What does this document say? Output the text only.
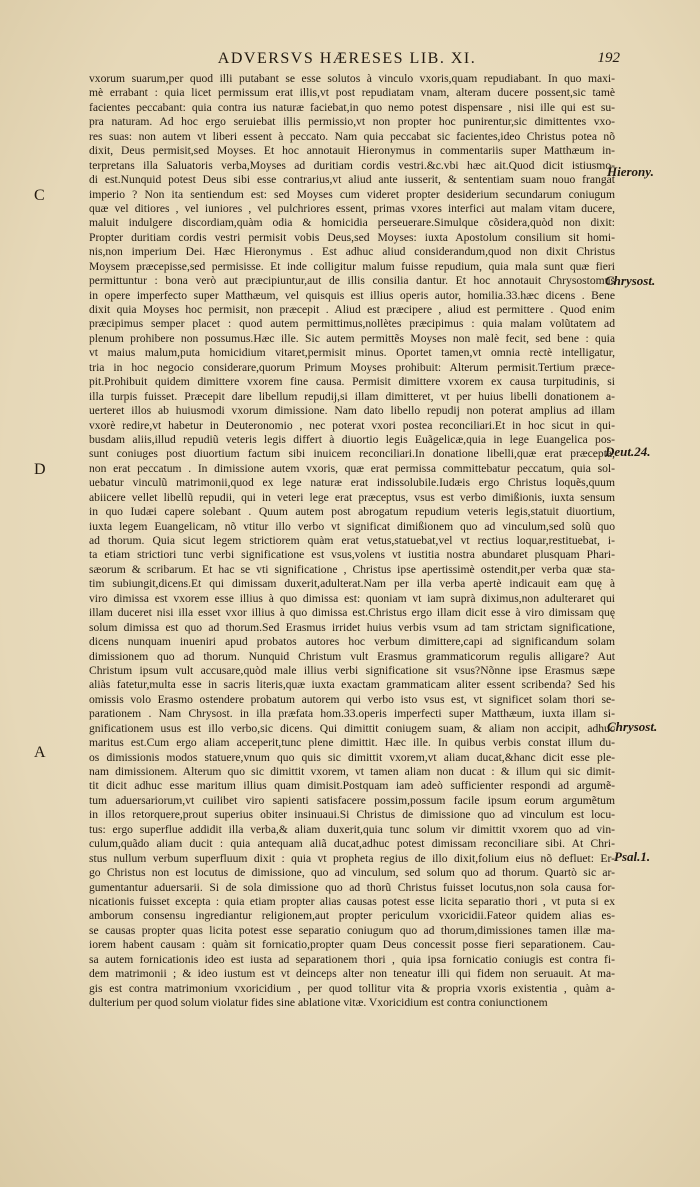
ADVERSVS HÆRESES LIB. XI.	192
vxorum suarum,per quod illi putabant se esse solutos à vinculo vxoris,quam repudiabant. In quo maxi-
mè errabant : quia licet permissum erat illis,vt post repudiatam vnam, alteram ducere possent,sic tamè
facientes peccabant: quia contra ius naturæ faciebat,in quo nemo potest dispensare , nisi ille qui est su-
pra naturam. Ad hoc ergo seruiebat illis permissio,vt non propter hoc punirentur,sic dimittentes vxo-
res suas: non autem vt liberi essent à peccato. Nam quia peccabat sic facientes,ideo Christus potea nõ
dixit, Deus permisit,sed Moyses. Et hoc annotauit Hieronymus in commentariis super Matthæum in-
terpretans illa Saluatoris verba,Moyses ad duritiam cordis vestri.&c.vbi hæc ait.Quod dicit istiusmo-
di est.Nunquid potest Deus sibi esse contrarius,vt aliud ante iusserit, & sententiam suam nouo frangat
imperio ? Non ita sentiendum est: sed Moyses cum videret propter desiderium secundarum coniugum
quæ vel ditiores , vel iuniores , vel pulchriores essent, primas vxores interfici aut malam vitam ducere,
maluit indulgere discordiam,quàm odia & homicidia perseuerare.Simulque cõsidera,quòd non dixit:
Propter duritiam cordis vestri permisit vobis Deus,sed Moyses: iuxta Apostolum consilium sit homi-
nis,non imperium Dei. Hæc Hieronymus . Est adhuc aliud considerandum,quod non dixit Christus
Moysem præcepisse,sed permisisse. Et inde colligitur malum fuisse repudium, quia mala sunt quæ fieri
permittuntur : bona verò aut præcipiuntur,aut de illis consilia dantur. Et hoc annotauit Chrysostomus
in opere imperfecto super Matthæum, vel quisquis est illius operis autor, homilia.33.hæc dicens . Bene
dixit quia Moyses hoc permisit, non præcepit . Aliud est præcipere , aliud est permittere . Quod enim
præcipimus semper placet : quod autem permittimus,nollètes præcipimus : quia malam volũtatem ad
plenum prohibere non possumus.Hæc ille. Sic autem permittẽs Moyses non malè fecit, sed bene : quia
vt maius malum,puta homicidium vitaret,permisit minus. Oportet tamen,vt omnia rectè intelligatur,
tria in hoc negocio considerare,quorum Primum Moyses prohibuit: Alterum permisit.Tertium præce-
pit.Prohibuit quidem dimittere vxorem fine causa. Permisit dimittere vxorem ex causa turpitudinis, si
illa turpis fuisset. Præcepit dare libellum repudij,si illam dimitteret, vt per huius libelli donationem a-
uerteret illos ab huiusmodi vxorum dimissione. Nam dato libello repudij non poterat amplius ad illam
vxorè redire,vt habetur in Deuteronomio , nec poterat vxori postea reconciliari.Et in hoc sicut in qui-
busdam aliis,illud repudiũ veteris legis differt à diuortio legis Euãgelicæ,quia in lege Euangelica pos-
sunt coniuges post diuortium factum sibi inuicem reconciliari.In donatione libelli,quæ erat præcepta,
non erat peccatum . In dimissione autem vxoris, quæ erat permissa committebatur peccatum, quia sol-
uebatur vinculũ matrimonii,quod ex lege naturæ erat indissolubile.Iudæis ergo Christus loquẽs,quum
abiicere vellet libellũ repudii, qui in veteri lege erat præceptus, vsus est verbo dimißionis, iuxta sensum
in quo Iudæi capere solebant . Quum autem post abrogatum repudium veteris legis,statuit diuortium,
iuxta legem Euangelicam, nõ vtitur illo verbo vt significat dimißionem quo ad vinculum,sed solũ quo
ad thorum. Quia sicut legem strictiorem quàm erat vetus,statuebat,vel vt rectius loquar,restituebat, i-
ta etiam strictiori tunc verbi significatione est vsus,volens vt iustitia nostra abundaret plusquam Phari-
sæorum & scribarum. Et hac se vti significatione , Christus ipse apertissimè ostendit,per verba quæ sta-
tim subiungit,dicens.Et qui dimissam duxerit,adulterat.Nam per illa verba apertè indicauit eam quę à
viro dimissa est vxorem esse illius à quo dimissa est: quoniam vt iam suprà diximus,non adulteraret qui
illam duceret nisi illa esset vxor illius à quo dimissa est.Christus ergo illam dicit esse à viro dimissam quę
solum dimissa est quo ad thorum.Sed Erasmus irridet huius verbis vsum ad tam strictam significatione,
dicens nunquam inueniri apud probatos autores hoc verbum dimittere,capi ad significandum solam
dimissionem quo ad thorum. Nunquid Christum vult Erasmus grammaticorum regulis alligare? Aut
Christum ipsum vult accusare,quòd male illius verbi significatione sit vsus?Nõnne ipse Erasmus sæpe
aliàs fatetur,multa esse in sacris literis,quæ iuxta exactam grammaticam aliter essent scribenda? Sed his
omissis volo Erasmo ostendere probatum autorem qui verbo isto vsus est, vt significet solam thori se-
parationem . Nam Chrysost. in illa præfata hom.33.operis imperfecti super Matthæum, iuxta illam si-
gnificationem usus est illo verbo,sic dicens. Qui dimittit coniugem suam, & aliam non accipit, adhuc
maritus est.Cum ergo aliam acceperit,tunc plene dimittit. Hæc ille. In quibus verbis constat illum du-
os dimissionis modos statuere,vnum quo quis sic dimittit vxorem,vt aliam ducat,&hanc dicit esse ple-
nam dimissionem. Alterum quo sic dimittit vxorem, vt tamen aliam non ducat : & illum qui sic dimit-
tit dicit adhuc esse maritum illius quam dimisit.Postquam iam adeò sufficienter respondi ad argumẽ-
tum aduersariorum,vt cuilibet viro sapienti satisfacere possim,possum facile ipsum eorum argumẽtum
in illos retorquere,prout superius obiter insinuaui.Si Christus de dimissione quo ad vinculum est locu-
tus: ergo superflue addidit illa verba,& aliam duxerit,quia tunc solum vir dimittit vxorem quo ad vin-
culum,quãdo aliam ducit : quia antequam aliã ducat,adhuc potest dimissam reconciliare sibi. At Chri-
stus nullum verbum superfluum dixit : quia vt propheta regius de illo dixit,folium eius nõ defluet: Er-
go Christus non est locutus de dimissione, quo ad vinculum, sed solum quo ad thorum. Quartò sic ar-
gumentantur aduersarii. Si de sola dimissione quo ad thorũ Christus fuisset locutus,non sola causa for-
nicationis fuisset excepta : quia etiam propter alias causas potest esse licita separatio thori , vt puta si ex
amborum consensu ingrediantur religionem,aut propter periculum vxoricidii.Fateor quidem alias es-
se causas propter quas licita potest esse separatio coniugum quo ad thorum,dimissiones tamen illæ ma-
iorem habent causam : quàm sit fornicatio,propter quam Deus concessit posse fieri separationem. Cau-
sa autem fornicationis ideo est iusta ad separationem thori , quia ipsa fornicatio coniugis est contra fi-
dem matrimonii ; & ideo iustum est vt deinceps alter non teneatur illi qui fidem non seruauit. At ma-
gis est contra matrimonium vxoricidium , per quod tollitur vita & propria vxoris existentia , quàm a-
dulterium per quod solum violatur fides sine ablatione vitæ. Vxoricidium est contra coniunctionem
Hierony.
Chrysost.
Deut.24.
Chrysost.
Psal.1.
C
D
A
